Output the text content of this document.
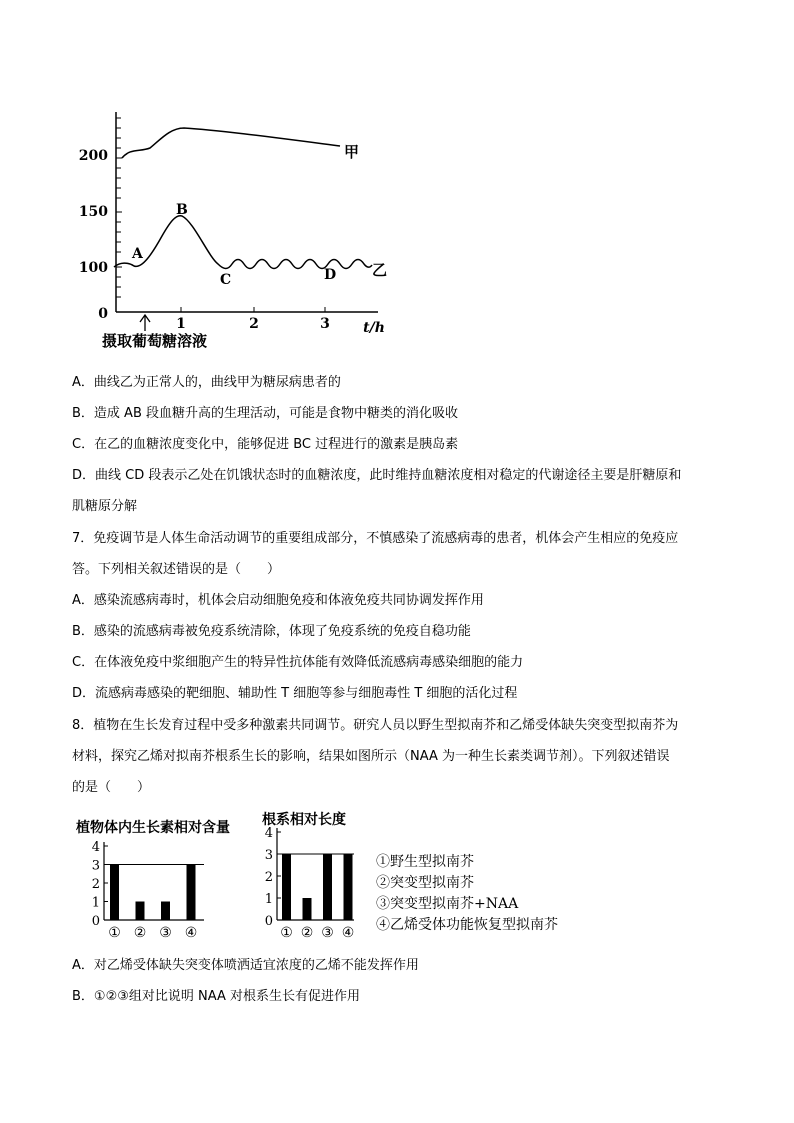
200
150
100
0
1	2	3 t/h
摄取葡萄糖溶液
甲
乙
A
B
C	D
A．曲线乙为正常人的，曲线甲为糖尿病患者的
B．造成 AB 段血糖升高的生理活动，可能是食物中糖类的消化吸收
C．在乙的血糖浓度变化中，能够促进 BC 过程进行的激素是胰岛素
D．曲线 CD 段表示乙处在饥饿状态时的血糖浓度，此时维持血糖浓度相对稳定的代谢途径主要是肝糖原和
肌糖原分解
7．免疫调节是人体生命活动调节的重要组成部分，不慎感染了流感病毒的患者，机体会产生相应的免疫应
答。下列相关叙述错误的是（　　）
A．感染流感病毒时，机体会启动细胞免疫和体液免疫共同协调发挥作用
B．感染的流感病毒被免疫系统清除，体现了免疫系统的免疫自稳功能
C．在体液免疫中浆细胞产生的特异性抗体能有效降低流感病毒感染细胞的能力
D．流感病毒感染的靶细胞、辅助性 T 细胞等参与细胞毒性 T 细胞的活化过程
8．植物在生长发育过程中受多种激素共同调节。研究人员以野生型拟南芥和乙烯受体缺失突变型拟南芥为
材料，探究乙烯对拟南芥根系生长的影响，结果如图所示（NAA 为一种生长素类调节剂）。下列叙述错误
的是（　　）
植物体内生长素相对含量 根系相对长度
0
1
2
3
4
① ② ③ ④
0
1
2
3
4
① ② ③ ④
①野生型拟南芥
②突变型拟南芥
③突变型拟南芥+NAA
④乙烯受体功能恢复型拟南芥
A．对乙烯受体缺失突变体喷洒适宜浓度的乙烯不能发挥作用
B．①②③组对比说明 NAA 对根系生长有促进作用
